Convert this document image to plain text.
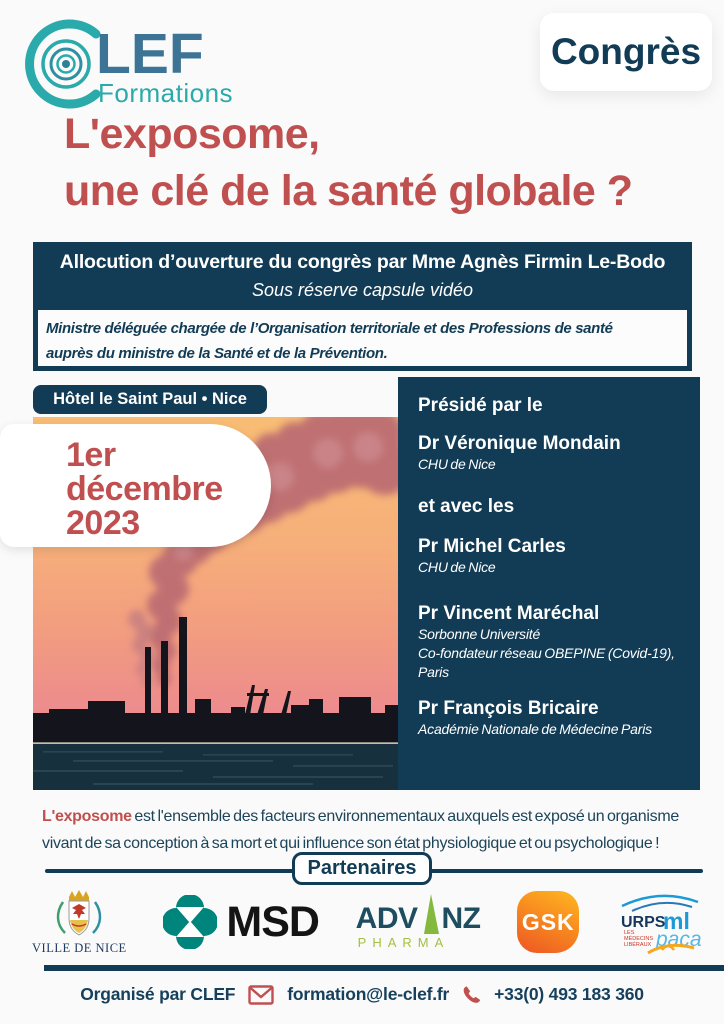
LEF
Formations
Congrès
L'exposome,
une clé de la santé globale ?
Allocution d’ouverture du congrès par Mme Agnès Firmin Le-Bodo
Sous réserve capsule vidéo
Ministre déléguée chargée de l’Organisation territoriale et des Professions de santé
auprès du ministre de la Santé et de la Prévention.
Hôtel le Saint Paul • Nice
1er
décembre
2023
Présidé par le
Dr Véronique Mondain
CHU de Nice
et avec les
Pr Michel Carles
CHU de Nice
Pr Vincent Maréchal
Sorbonne Université
Co-fondateur réseau OBEPINE (Covid-19),
Paris
Pr François Bricaire
Académie Nationale de Médecine Paris
L'exposome est l'ensemble des facteurs environnementaux auxquels est exposé un organisme vivant de sa conception à sa mort et qui influence son état physiologique et ou psychologique !
Partenaires
VILLE DE NICE
MSD ADV NZ
PHARMA
GSK	URPS
ml
LES
MÉDECINS
LIBÉRAUX paca
Organisé par CLEF	formation@le-clef.fr	+33(0) 493 183 360
